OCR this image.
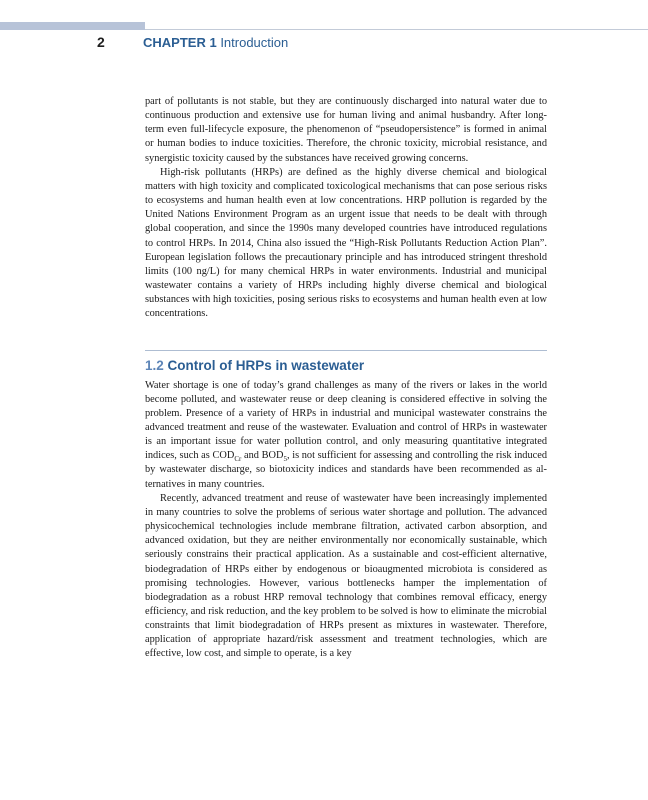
2	CHAPTER 1 Introduction

part of pollutants is not stable, but they are continuously discharged into natural water due to continuous production and extensive use for human living and animal husbandry. After long-term even full-lifecycle exposure, the phenomenon of “pseudopersistence” is formed in animal or human bodies to induce toxicities. Therefore, the chronic toxicity, microbial resistance, and synergistic toxicity caused by the substances have received growing concerns.

High-risk pollutants (HRPs) are defined as the highly diverse chemical and biological matters with high toxicity and complicated toxicological mechanisms that can pose serious risks to ecosystems and human health even at low concentrations. HRP pollution is regarded by the United Nations Environment Program as an urgent issue that needs to be dealt with through global cooperation, and since the 1990s many developed countries have introduced regulations to control HRPs. In 2014, China also issued the “High-Risk Pollutants Reduction Action Plan”. European legislation follows the precautionary principle and has introduced stringent threshold limits (100 ng/L) for many chemical HRPs in water environments. Industrial and municipal wastewater contains a variety of HRPs including highly diverse chemical and biological substances with high toxicities, posing serious risks to ecosystems and human health even at low concentrations.

1.2 Control of HRPs in wastewater

Water shortage is one of today’s grand challenges as many of the rivers or lakes in the world become polluted, and wastewater reuse or deep cleaning is considered effective in solving the problem. Presence of a variety of HRPs in industrial and municipal wastewater constrains the advanced treatment and reuse of the wastewater. Evaluation and control of HRPs in wastewater is an important issue for water pollution control, and only measuring quantitative integrated indices, such as $COD_{Cr}$ and $BOD_5$, is not sufficient for assessing and controlling the risk induced by wastewater discharge, so biotoxicity indices and standards have been recommended as alternatives in many countries.

Recently, advanced treatment and reuse of wastewater have been increasingly implemented in many countries to solve the problems of serious water shortage and pollution. The advanced physicochemical technologies include membrane filtration, activated carbon absorption, and advanced oxidation, but they are neither environmentally nor economically sustainable, which seriously constrains their practical application. As a sustainable and cost-efficient alternative, biodegradation of HRPs either by endogenous or bioaugmented microbiota is considered as promising technologies. However, various bottlenecks hamper the implementation of biodegradation as a robust HRP removal technology that combines removal efficacy, energy efficiency, and risk reduction, and the key problem to be solved is how to eliminate the microbial constraints that limit biodegradation of HRPs present as mixtures in wastewater. Therefore, application of appropriate hazard/risk assessment and treatment technologies, which are effective, low cost, and simple to operate, is a key
